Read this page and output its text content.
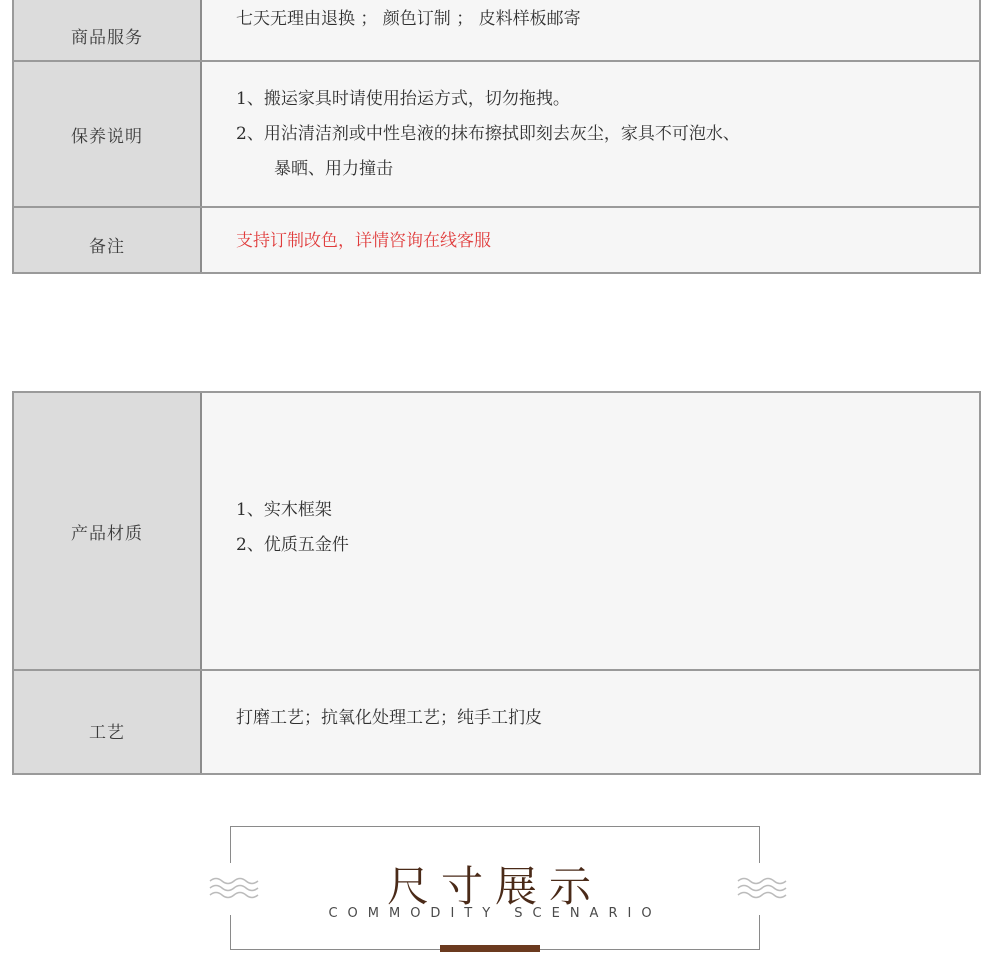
商品服务
七天无理由退换 ； 颜色订制 ； 皮料样板邮寄
保养说明
1、搬运家具时请使用抬运方式，切勿拖拽。
2、用沾清洁剂或中性皂液的抹布擦拭即刻去灰尘，家具不可泡水、
暴晒、用力撞击
备注	支持订制改色，详情咨询在线客服
产品材质
1、实木框架
2、优质五金件
工艺
打磨工艺；抗氧化处理工艺；纯手工扪皮
尺寸展示
COMMODITY SCENARIO
